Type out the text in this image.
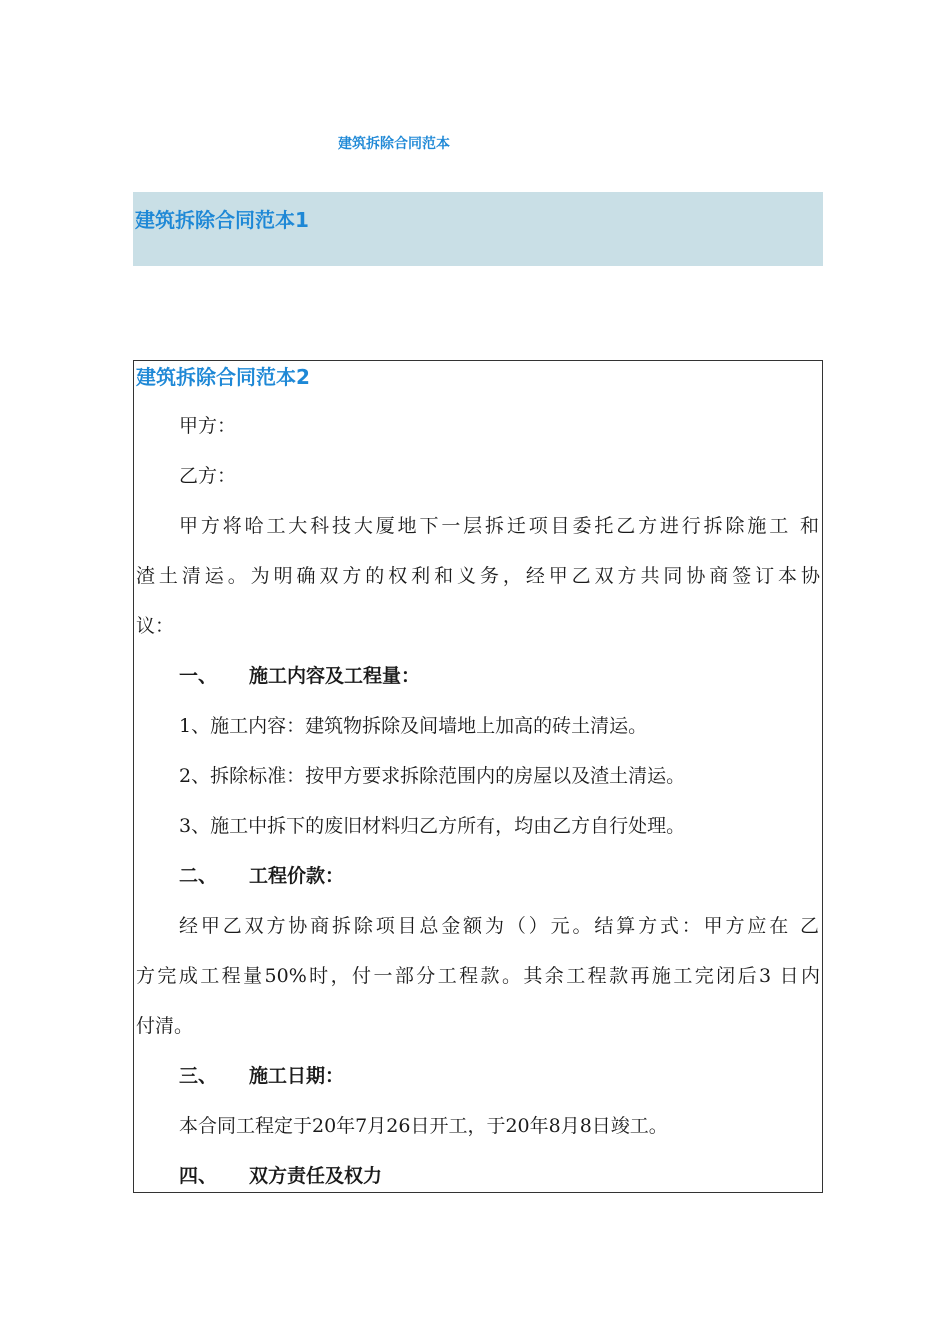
建筑拆除合同范本
建筑拆除合同范本1
建筑拆除合同范本2
甲方：
乙方：
甲方将哈工大科技大厦地下一层拆迁项目委托乙方进行拆除施工 和
渣土清运。为明确双方的权利和义务，经甲乙双方共同协商签订本协
议：
一、 施工内容及工程量：
1、施工内容：建筑物拆除及间墙地上加高的砖土清运。
2、拆除标准：按甲方要求拆除范围内的房屋以及渣土清运。
3、施工中拆下的废旧材料归乙方所有，均由乙方自行处理。
二、 工程价款：
经甲乙双方协商拆除项目总金额为（）元。结算方式：甲方应在 乙
方完成工程量50%时，付一部分工程款。其余工程款再施工完闭后3 日内
付清。
三、 施工日期：
本合同工程定于20年7月26日开工，于20年8月8日竣工。
四、 双方责任及权力
